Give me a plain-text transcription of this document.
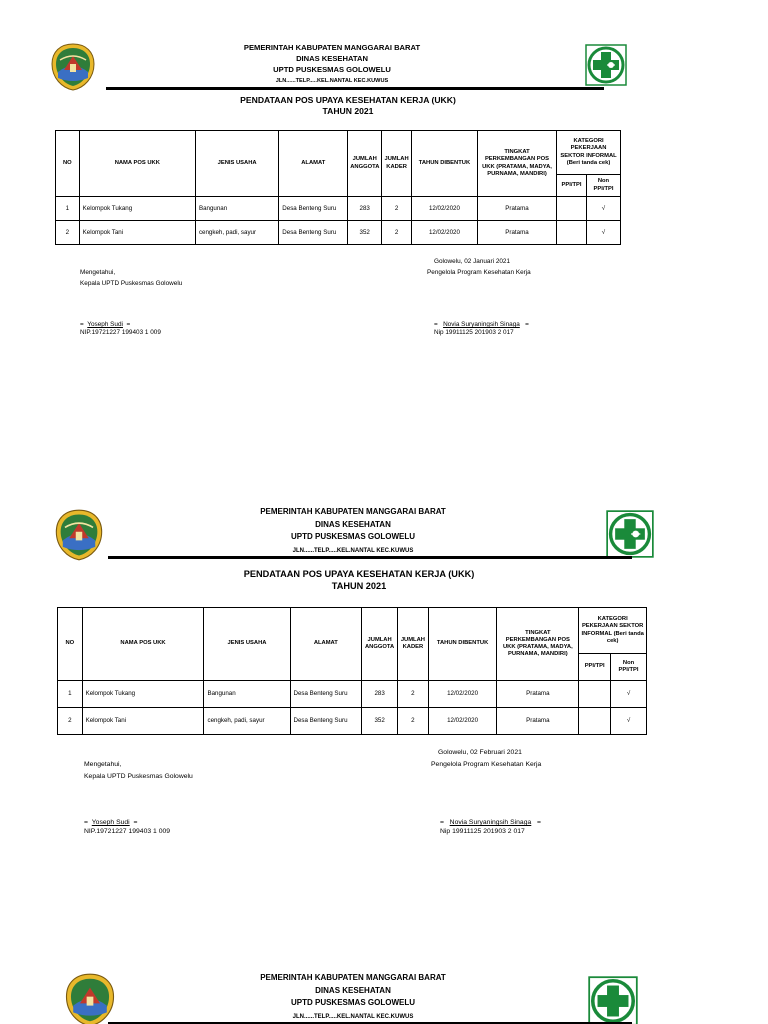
PEMERINTAH KABUPATEN MANGGARAI BARAT
DINAS KESEHATAN
UPTD PUSKESMAS GOLOWELU
JLN......TELP.....KEL.NANTAL KEC.KUWUS
PENDATAAN POS UPAYA KESEHATAN KERJA (UKK)
TAHUN 2021
NO	NAMA POS UKK	JENIS USAHA	ALAMAT	JUMLAH ANGGOTA	JUMLAH KADER	TAHUN DIBENTUK	TINGKAT PERKEMBANGAN POS UKK (PRATAMA, MADYA, PURNAMA, MANDIRI)	KATEGORI PEKERJAAN SEKTOR INFORMAL (Beri tanda cek)	
								PPI/TPI	Non PPI/TPI
1	Kelompok Tukang	Bangunan	Desa Benteng Suru	283	2	12/02/2020	Pratama		√
2	Kelompok Tani	cengkeh, padi, sayur	Desa Benteng Suru	352	2	12/02/2020	Pratama		√
Golowelu, 02 Januari 2021
Pengelola Program Kesehatan Kerja
Mengetahui,
Kepala UPTD Puskesmas Golowelu
= Yoseph Sudi =
NIP.19721227 199403 1 009
= Novia Suryaningsih Sinaga =
Nip 19911125 201903 2 017
PEMERINTAH KABUPATEN MANGGARAI BARAT
DINAS KESEHATAN
UPTD PUSKESMAS GOLOWELU
JLN......TELP.....KEL.NANTAL KEC.KUWUS
PENDATAAN POS UPAYA KESEHATAN KERJA (UKK)
TAHUN 2021
NO	NAMA POS UKK	JENIS USAHA	ALAMAT	JUMLAH ANGGOTA	JUMLAH KADER	TAHUN DIBENTUK	TINGKAT PERKEMBANGAN POS UKK (PRATAMA, MADYA, PURNAMA, MANDIRI)	KATEGORI PEKERJAAN SEKTOR INFORMAL (Beri tanda cek)	
								PPI/TPI	Non PPI/TPI
1	Kelompok Tukang	Bangunan	Desa Benteng Suru	283	2	12/02/2020	Pratama		√
2	Kelompok Tani	cengkeh, padi, sayur	Desa Benteng Suru	352	2	12/02/2020	Pratama		√
Golowelu, 02 Februari 2021
Pengelola Program Kesehatan Kerja
Mengetahui,
Kepala UPTD Puskesmas Golowelu
= Yoseph Sudi =
NIP.19721227 199403 1 009
= Novia Suryaningsih Sinaga =
Nip 19911125 201903 2 017
PEMERINTAH KABUPATEN MANGGARAI BARAT
DINAS KESEHATAN
UPTD PUSKESMAS GOLOWELU
JLN......TELP.....KEL.NANTAL KEC.KUWUS
